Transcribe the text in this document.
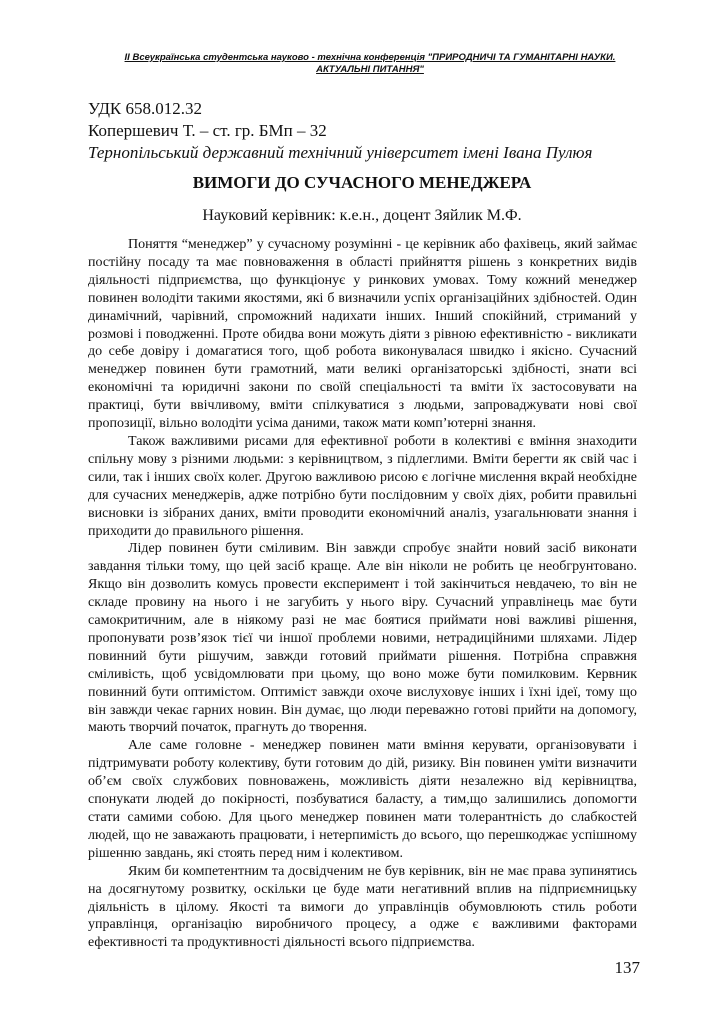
ІІ Всеукраїнська студентська науково - технічна конференція "ПРИРОДНИЧІ ТА ГУМАНІТАРНІ НАУКИ.
АКТУАЛЬНІ ПИТАННЯ"
УДК 658.012.32
Копершевич Т. – ст. гр. БМп – 32
Тернопільський державний технічний університет імені Івана Пулюя
ВИМОГИ ДО СУЧАСНОГО МЕНЕДЖЕРА
Науковий керівник: к.е.н., доцент Зяйлик М.Ф.

Поняття “менеджер” у сучасному розумінні - це керівник або фахівець, який займає постійну посаду та має повноваження в області прийняття рішень з конкретних видів діяльності підприємства, що функціонує у ринкових умовах. Тому кожний менеджер повинен володіти такими якостями, які б визначили успіх організаційних здібностей. Один динамічний, чарівний, спроможний надихати інших. Інший спокійний, стриманий у розмові і поводженні. Проте обидва вони можуть діяти з рівною ефективністю - викликати до себе довіру і домагатися того, щоб робота виконувалася швидко і якісно. Сучасний менеджер повинен бути грамотний, мати великі організаторські здібності, знати всі економічні та юридичні закони по своїй спеціальності та вміти їх застосовувати на практиці, бути ввічливому, вміти спілкуватися з людьми, запроваджувати нові свої пропозиції, вільно володіти усіма даними, також мати комп’ютерні знання.

Також важливими рисами для ефективної роботи в колективі є вміння знаходити спільну мову з різними людьми: з керівництвом, з підлеглими. Вміти берегти як свій час і сили, так і інших своїх колег. Другою важливою рисою є логічне мислення вкрай необхідне для сучасних менеджерів, адже потрібно бути послідовним у своїх діях, робити правильні висновки із зібраних даних, вміти проводити економічний аналіз, узагальнювати знання і приходити до правильного рішення.

Лідер повинен бути сміливим. Він завжди спробує знайти новий засіб виконати завдання тільки тому, що цей засіб краще. Але він ніколи не робить це необгрунтовано. Якщо він дозволить комусь провести експеримент і той закінчиться невдачею, то він не складе провину на нього і не загубить у нього віру. Сучасний управлінець має бути самокритичним, але в ніякому разі не має боятися приймати нові важливі рішення, пропонувати розв’язок тієї чи іншої проблеми новими, нетрадиційними шляхами. Лідер повинний бути рішучим, завжди готовий приймати рішення. Потрібна справжня сміливість, щоб усвідомлювати при цьому, що воно може бути помилковим. Кервник повинний бути оптимістом. Оптиміст завжди охоче вислуховує інших і їхні ідеї, тому що він завжди чекає гарних новин. Він думає, що люди переважно готові прийти на допомогу, мають творчий початок, прагнуть до творення.

Але саме головне - менеджер повинен мати вміння керувати, організовувати і підтримувати роботу колективу, бути готовим до дій, ризику. Він повинен уміти визначити об’єм своїх службових повноважень, можливість діяти незалежно від керівництва, спонукати людей до покірності, позбуватися баласту, а тим,що залишились допомогти стати самими собою. Для цього менеджер повинен мати толерантність до слабкостей людей, що не заважають працювати, і нетерпимість до всього, що перешкоджає успішному рішенню завдань, які стоять перед ним і колективом.

Яким би компетентним та досвідченим не був керівник, він не має права зупинятись на досягнутому розвитку, оскільки це буде мати негативний вплив на підприємницьку діяльність в цілому. Якості та вимоги до управлінців обумовлюють стиль роботи управлінця, організацію виробничого процесу, а одже є важливими факторами ефективності та продуктивності діяльності всього підприємства.

137
